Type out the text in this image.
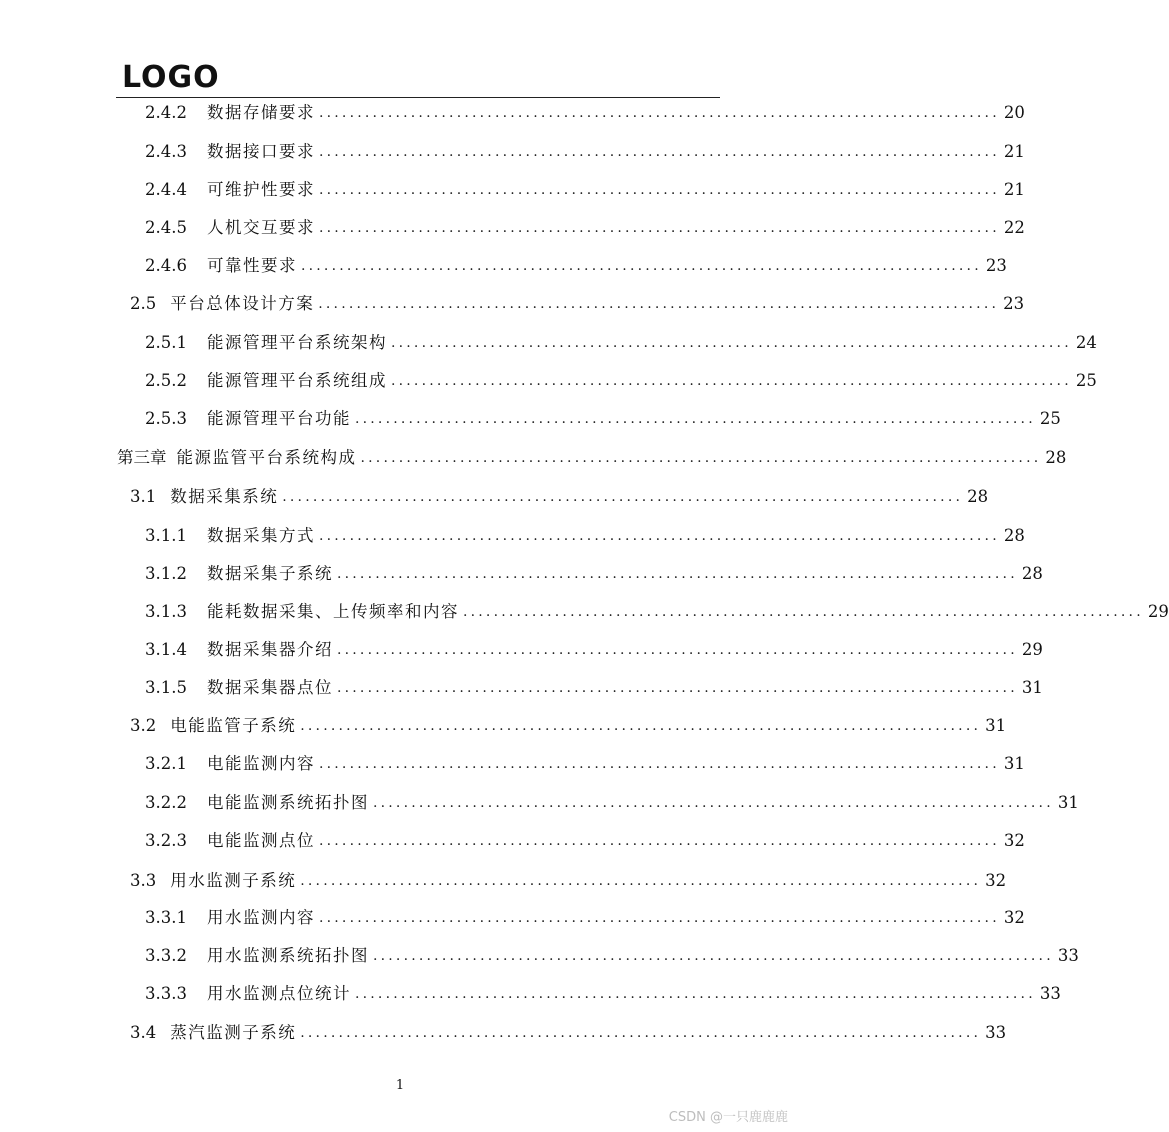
LOGO
2.4.2 数据存储要求 ......................................................................................... 20
2.4.3 数据接口要求 ......................................................................................... 21
2.4.4 可维护性要求 ......................................................................................... 21
2.4.5 人机交互要求 ......................................................................................... 22
2.4.6 可靠性要求 ......................................................................................... 23
2.5 平台总体设计方案 ......................................................................................... 23
2.5.1 能源管理平台系统架构 ......................................................................................... 24
2.5.2 能源管理平台系统组成 ......................................................................................... 25
2.5.3 能源管理平台功能 ......................................................................................... 25
第三章 能源监管平台系统构成 ......................................................................................... 28
3.1 数据采集系统 ......................................................................................... 28
3.1.1 数据采集方式 ......................................................................................... 28
3.1.2 数据采集子系统 ......................................................................................... 28
3.1.3 能耗数据采集、上传频率和内容 ......................................................................................... 29
3.1.4 数据采集器介绍 ......................................................................................... 29
3.1.5 数据采集器点位 ......................................................................................... 31
3.2 电能监管子系统 ......................................................................................... 31
3.2.1 电能监测内容 ......................................................................................... 31
3.2.2 电能监测系统拓扑图 ......................................................................................... 31
3.2.3 电能监测点位 ......................................................................................... 32
3.3 用水监测子系统 ......................................................................................... 32
3.3.1 用水监测内容 ......................................................................................... 32
3.3.2 用水监测系统拓扑图 ......................................................................................... 33
3.3.3 用水监测点位统计 ......................................................................................... 33
3.4 蒸汽监测子系统 ......................................................................................... 33
1
CSDN @一只鹿鹿鹿
